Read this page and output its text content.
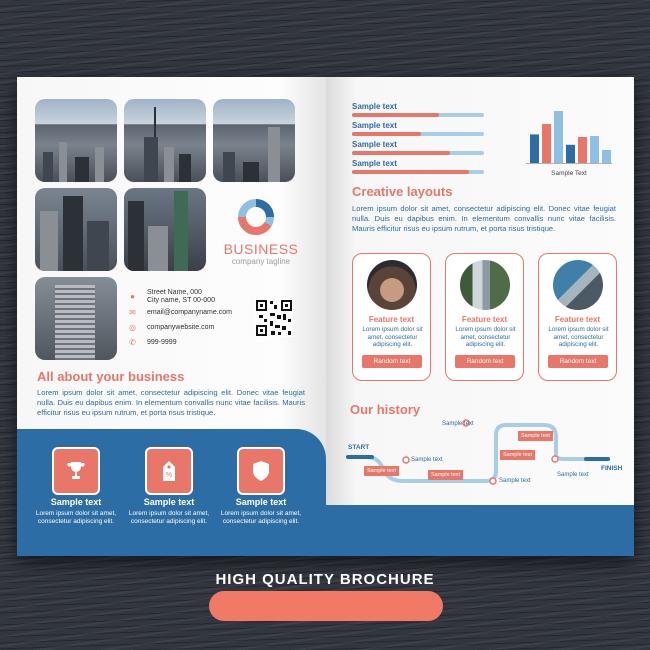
BUSINESS
company tagline
● Street Name, 000
City name, ST 00-000
✉ email@companyname.com
◎ companywebsite.com
✆ 999-9999
All about your business
Lorem ipsum dolor sit amet, consectetur adipiscing elit. Donec vitae feugiat nulla. Duis eu dapibus enim. In elementum convallis nunc vitae facilisis. Mauris efficitur risus eu ipsum rutrum, et porta risus tristique.
%
Sample text
Lorem ipsum dolor sit amet, consectetur adipiscing elit.
Sample text
Lorem ipsum dolor sit amet, consectetur adipiscing elit.
Sample text
Lorem ipsum dolor sit amet, consectetur adipiscing elit.
Sample text
Sample text
Sample text
Sample text
Sample Text
Creative layouts
Lorem ipsum dolor sit amet, consectetur adipiscing elit. Donec vitae feugiat nulla. Duis eu dapibus enim. In elementum convallis nunc vitae facilisis. Mauris efficitur risus eu ipsum rutrum, et porta risus tristique.
Feature text
Lorem ipsum dolor sit amet, consectetur adipiscing elit.
Random text
Feature text
Lorem ipsum dolor sit amet, consectetur adipiscing elit.
Random text
Feature text
Lorem ipsum dolor sit amet, consectetur adipiscing elit.
Random text
Our history
START
FINISH
Sample text
Sample text
Sample text
Sample text
Sample text
Sample text
Sample text
Sample text
HIGH QUALITY BROCHURE
